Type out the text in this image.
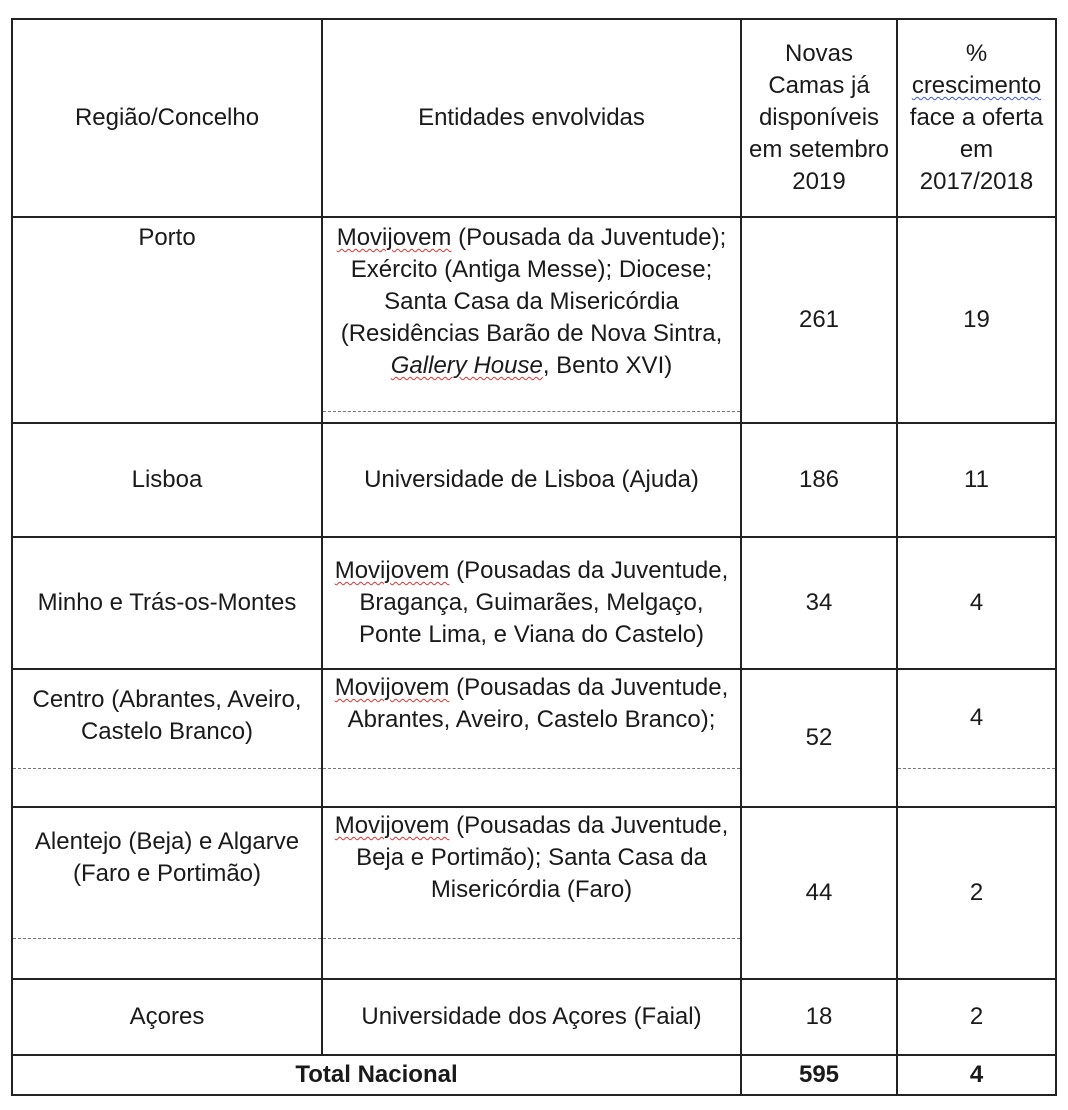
Região/Concelho	Entidades envolvidas	Novas Camas já disponíveis em setembro 2019	%
crescimento
face a oferta em 2017/2018
Porto	Movijovem (Pousada da Juventude); Exército (Antiga Messe); Diocese; Santa Casa da Misericórdia (Residências Barão de Nova Sintra, Gallery House, Bento XVI)	261	19
Lisboa	Universidade de Lisboa (Ajuda)	186	11
Minho e Trás-os-Montes	Movijovem (Pousadas da Juventude, Bragança, Guimarães, Melgaço, Ponte Lima, e Viana do Castelo)	34	4
Centro (Abrantes, Aveiro, Castelo Branco)	Movijovem (Pousadas da Juventude, Abrantes, Aveiro, Castelo Branco);	52	4

Alentejo (Beja) e Algarve (Faro e Portimão)	Movijovem (Pousadas da Juventude, Beja e Portimão); Santa Casa da Misericórdia (Faro)	44	2
Açores	Universidade dos Açores (Faial)	18	2
Total Nacional		595	4
